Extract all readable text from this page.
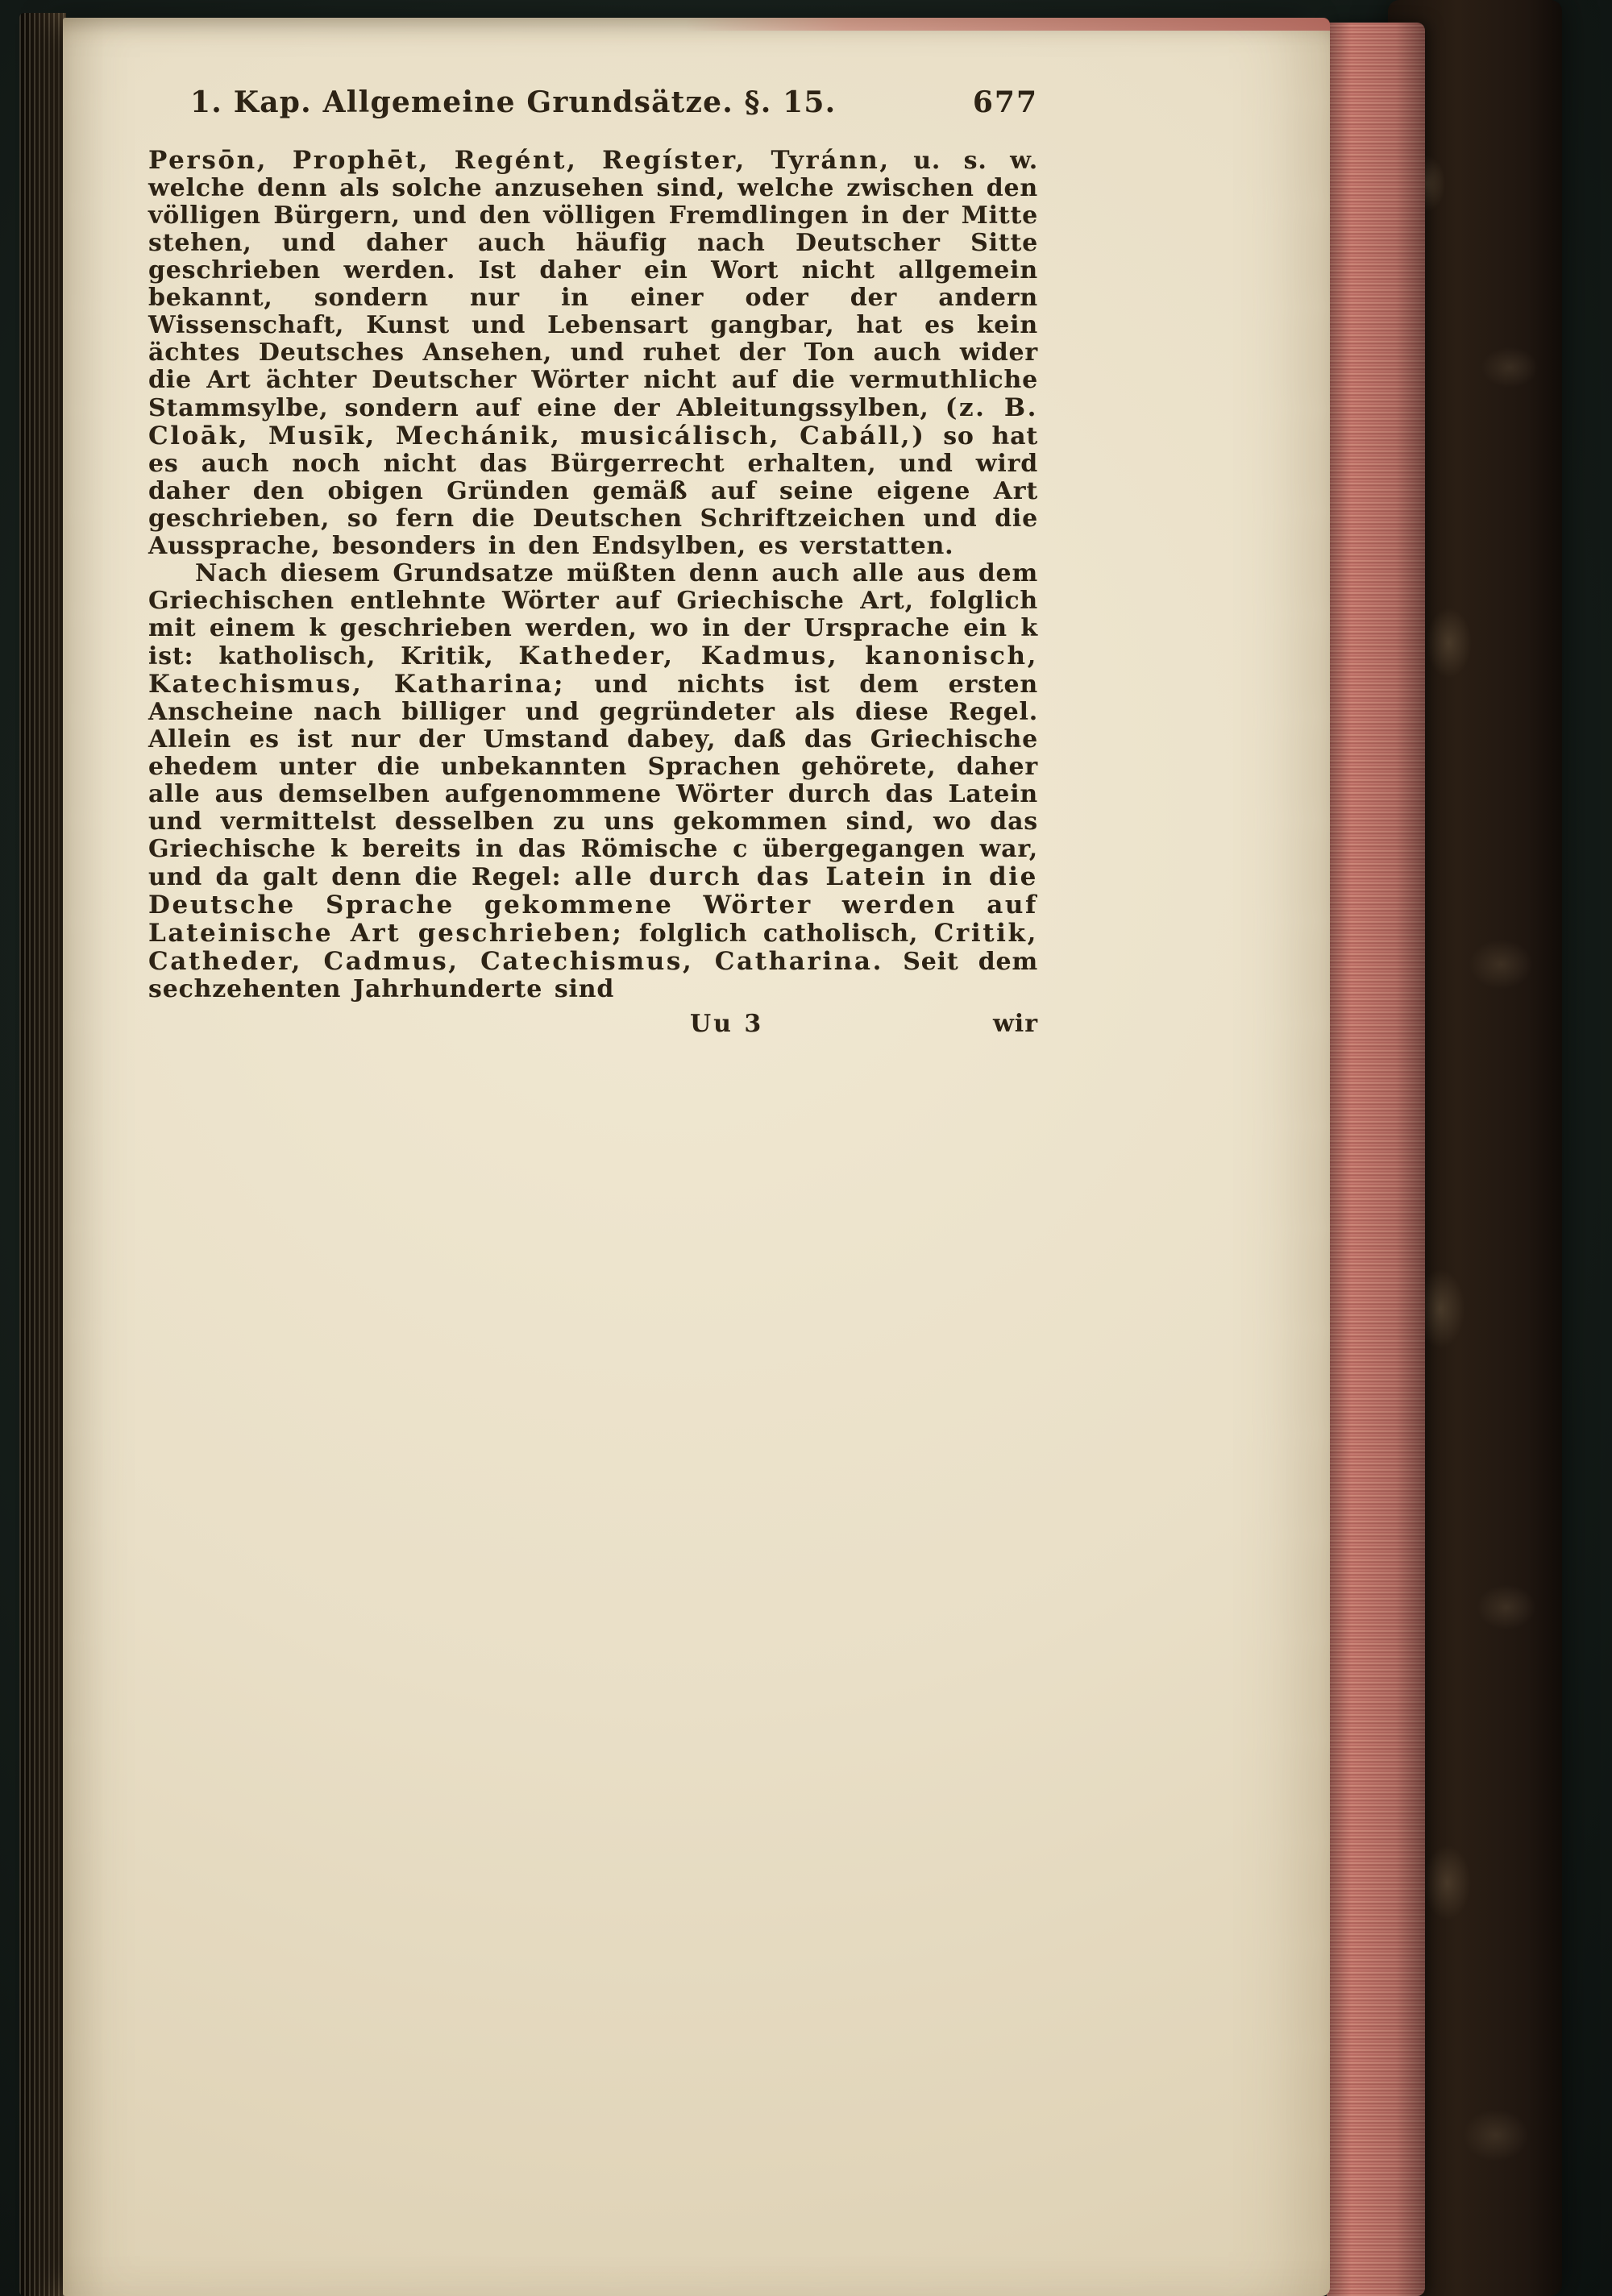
1. Kap. Allgemeine Grundsätze. §. 15.	677

Persōn, Prophēt, Regént, Regíster, Tyránn, u. s. w. welche denn als solche anzusehen sind, welche zwischen den völligen Bürgern, und den völligen Fremdlingen in der Mitte stehen, und daher auch häufig nach Deutscher Sitte geschrieben werden. Ist daher ein Wort nicht allgemein bekannt, sondern nur in einer oder der andern Wissenschaft, Kunst und Lebensart gangbar, hat es kein ächtes Deutsches Ansehen, und ruhet der Ton auch wider die Art ächter Deutscher Wörter nicht auf die vermuthliche Stammsylbe, sondern auf eine der Ableitungssylben, (z. B. Cloāk, Musīk, Mechánik, musicálisch, Cabáll,) so hat es auch noch nicht das Bürgerrecht erhalten, und wird daher den obigen Gründen gemäß auf seine eigene Art geschrieben, so fern die Deutschen Schriftzeichen und die Aussprache, besonders in den Endsylben, es verstatten.

Nach diesem Grundsatze müßten denn auch alle aus dem Griechischen entlehnte Wörter auf Griechische Art, folglich mit einem k geschrieben werden, wo in der Ursprache ein k ist: katholisch, Kritik, Katheder, Kadmus, kanonisch, Katechismus, Katharina; und nichts ist dem ersten Anscheine nach billiger und gegründeter als diese Regel. Allein es ist nur der Umstand dabey, daß das Griechische ehedem unter die unbekannten Sprachen gehörete, daher alle aus demselben aufgenommene Wörter durch das Latein und vermittelst desselben zu uns gekommen sind, wo das Griechische k bereits in das Römische c übergegangen war, und da galt denn die Regel: alle durch das Latein in die Deutsche Sprache gekommene Wörter werden auf Lateinische Art geschrieben; folglich catholisch, Critik, Catheder, Cadmus, Catechismus, Catharina. Seit dem sechzehenten Jahrhunderte sind

Uu 3	wir
